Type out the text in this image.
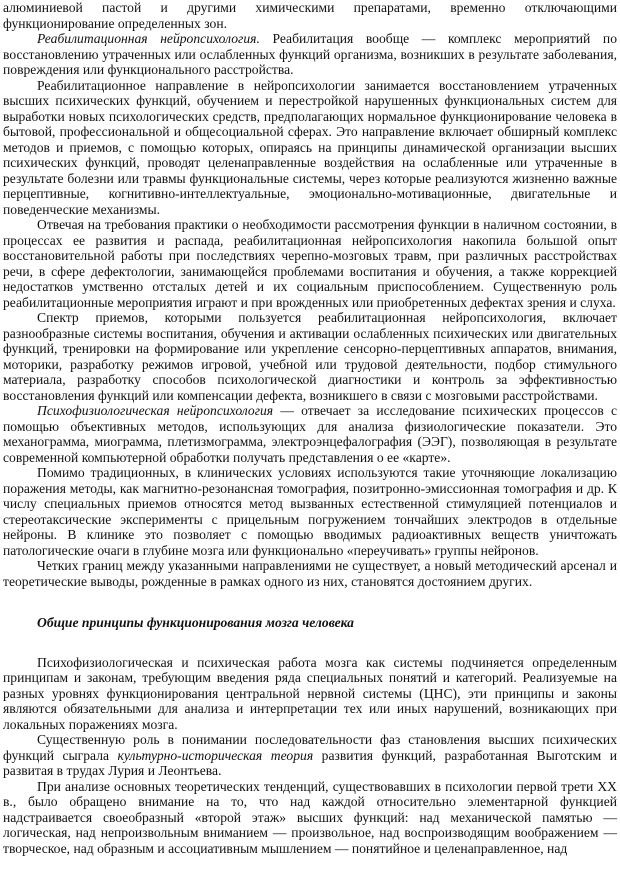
алюминиевой пастой и другими химическими препаратами, временно отключающими функционирование определенных зон.

Реабилитационная нейропсихология. Реабилитация вообще — комплекс мероприятий по восстановлению утраченных или ослабленных функций организма, возникших в результате заболевания, повреждения или функционального расстройства.

Реабилитационное направление в нейропсихологии занимается восстановлением утраченных высших психических функций, обучением и перестройкой нарушенных функциональных систем для выработки новых психологических средств, предполагающих нормальное функционирование человека в бытовой, профессиональной и общесоциальной сферах. Это направление включает обширный комплекс методов и приемов, с помощью которых, опираясь на принципы динамической организации высших психических функций, проводят целенаправленные воздействия на ослабленные или утраченные в результате болезни или травмы функциональные системы, через которые реализуются жизненно важные перцептивные, когнитивно-интеллектуальные, эмоционально-мотивационные, двигательные и поведенческие механизмы.

Отвечая на требования практики о необходимости рассмотрения функции в наличном состоянии, в процессах ее развития и распада, реабилитационная нейропсихология накопила большой опыт восстановительной работы при последствиях черепно-мозговых травм, при различных расстройствах речи, в сфере дефектологии, занимающейся проблемами воспитания и обучения, а также коррекцией недостатков умственно отсталых детей и их социальным приспособлением. Существенную роль реабилитационные мероприятия играют и при врожденных или приобретенных дефектах зрения и слуха.

Спектр приемов, которыми пользуется реабилитационная нейропсихология, включает разнообразные системы воспитания, обучения и активации ослабленных психических или двигательных функций, тренировки на формирование или укрепление сенсорно-перцептивных аппаратов, внимания, моторики, разработку режимов игровой, учебной или трудовой деятельности, подбор стимульного материала, разработку способов психологической диагностики и контроль за эффективностью восстановления функций или компенсации дефекта, возникшего в связи с мозговыми расстройствами.

Психофизиологическая нейропсихология — отвечает за исследование психических процессов с помощью объективных методов, использующих для анализа физиологические показатели. Это механограмма, миограмма, плетизмограмма, электроэнцефалография (ЭЭГ), позволяющая в результате современной компьютерной обработки получать представления о ее «карте».

Помимо традиционных, в клинических условиях используются такие уточняющие локализацию поражения методы, как магнитно-резонансная томография, позитронно-эмиссионная томография и др. К числу специальных приемов относятся метод вызванных естественной стимуляцией потенциалов и стереотаксические эксперименты с прицельным погружением тончайших электродов в отдельные нейроны. В клинике это позволяет с помощью вводимых радиоактивных веществ уничтожать патологические очаги в глубине мозга или функционально «переучивать» группы нейронов.

Четких границ между указанными направлениями не существует, а новый методический арсенал и теоретические выводы, рожденные в рамках одного из них, становятся достоянием других.

Общие принципы функционирования мозга человека

Психофизиологическая и психическая работа мозга как системы подчиняется определенным принципам и законам, требующим введения ряда специальных понятий и категорий. Реализуемые на разных уровнях функционирования центральной нервной системы (ЦНС), эти принципы и законы являются обязательными для анализа и интерпретации тех или иных нарушений, возникающих при локальных поражениях мозга.

Существенную роль в понимании последовательности фаз становления высших психических функций сыграла культурно-историческая теория развития функций, разработанная Выготским и развитая в трудах Лурия и Леонтьева.

При анализе основных теоретических тенденций, существовавших в психологии первой трети XX в., было обращено внимание на то, что над каждой относительно элементарной функцией надстраивается своеобразный «второй этаж» высших функций: над механической памятью — логическая, над непроизвольным вниманием — произвольное, над воспроизводящим воображением — творческое, над образным и ассоциативным мышлением — понятийное и целенаправленное, над
